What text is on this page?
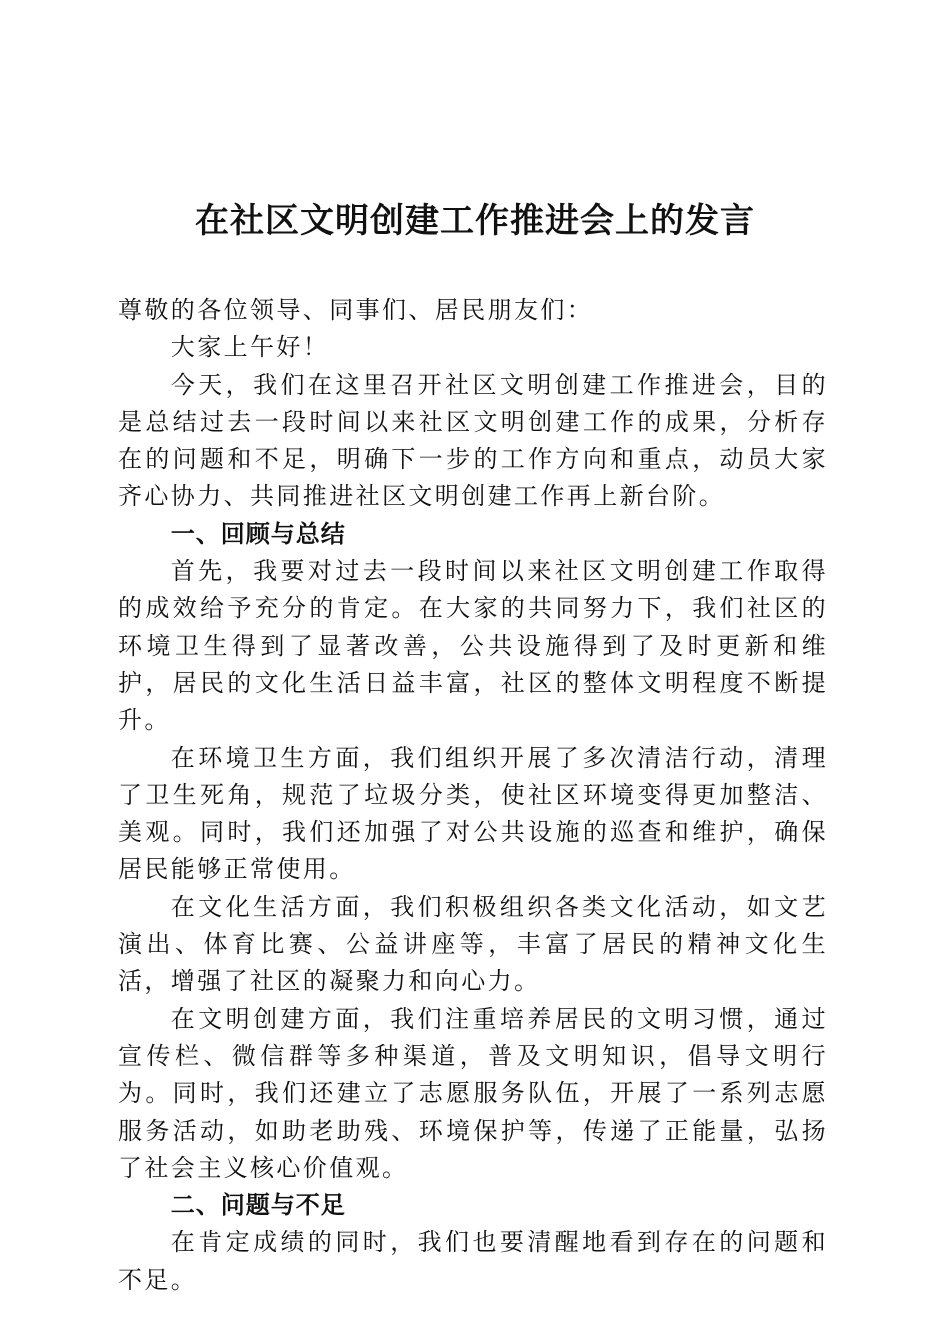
在社区文明创建工作推进会上的发言

尊敬的各位领导、同事们、居民朋友们：

大家上午好！

今天，我们在这里召开社区文明创建工作推进会，目的是总结过去一段时间以来社区文明创建工作的成果，分析存在的问题和不足，明确下一步的工作方向和重点，动员大家齐心协力、共同推进社区文明创建工作再上新台阶。

一、回顾与总结

首先，我要对过去一段时间以来社区文明创建工作取得的成效给予充分的肯定。在大家的共同努力下，我们社区的环境卫生得到了显著改善，公共设施得到了及时更新和维护，居民的文化生活日益丰富，社区的整体文明程度不断提升。

在环境卫生方面，我们组织开展了多次清洁行动，清理了卫生死角，规范了垃圾分类，使社区环境变得更加整洁、美观。同时，我们还加强了对公共设施的巡查和维护，确保居民能够正常使用。

在文化生活方面，我们积极组织各类文化活动，如文艺演出、体育比赛、公益讲座等，丰富了居民的精神文化生活，增强了社区的凝聚力和向心力。

在文明创建方面，我们注重培养居民的文明习惯，通过宣传栏、微信群等多种渠道，普及文明知识，倡导文明行为。同时，我们还建立了志愿服务队伍，开展了一系列志愿服务活动，如助老助残、环境保护等，传递了正能量，弘扬了社会主义核心价值观。

二、问题与不足

在肯定成绩的同时，我们也要清醒地看到存在的问题和不足。
